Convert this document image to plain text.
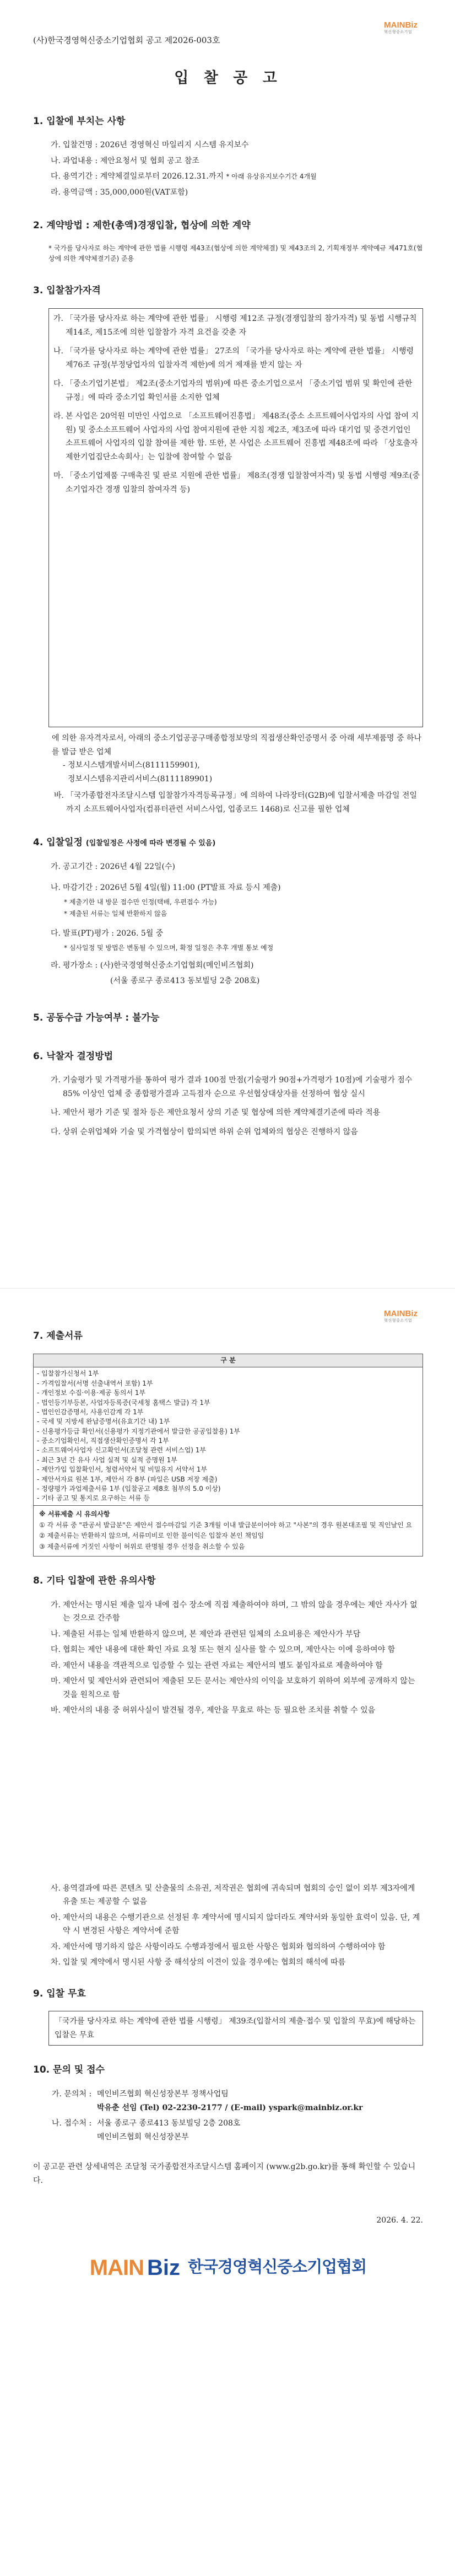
(사)한국경영혁신중소기업협회 공고 제2026-003호
MAINBiz
혁신형중소기업
입 찰 공 고
1. 입찰에 부치는 사항
가. 입찰건명 : 2026년 경영혁신 마일리지 시스템 유지보수
나. 과업내용 : 제안요청서 및 협회 공고 참조
다. 용역기간 : 계약체결일로부터 2026.12.31.까지 * 아래 유상유지보수기간 4개월
라. 용역금액 : 35,000,000원(VAT포함)
2. 계약방법 : 제한(총액)경쟁입찰, 협상에 의한 계약
* 국가를 당사자로 하는 계약에 관한 법률 시행령 제43조(협상에 의한 계약체결) 및 제43조의 2, 기획재정부 계약예규 제471호(협상에 의한 계약체결기준) 준용
3. 입찰참가자격
가. 「국가를 당사자로 하는 계약에 관한 법률」 시행령 제12조 규정(경쟁입찰의 참가자격) 및 동법 시행규칙 제14조, 제15조에 의한 입찰참가 자격 요건을 갖춘 자
나. 「국가를 당사자로 하는 계약에 관한 법률」 27조의 「국가를 당사자로 하는 계약에 관한 법률」 시행령 제76조 규정(부정당업자의 입찰자격 제한)에 의거 제재를 받지 않는 자
다. 「중소기업기본법」 제2조(중소기업자의 범위)에 따른 중소기업으로서 「중소기업 범위 및 확인에 관한 규정」에 따라 중소기업 확인서를 소지한 업체
라. 본 사업은 20억원 미만인 사업으로 「소프트웨어진흥법」 제48조(중소 소프트웨어사업자의 사업 참여 지원) 및 중소소프트웨어 사업자의 사업 참여지원에 관한 지침 제2조, 제3조에 따라 대기업 및 중견기업인 소프트웨어 사업자의 입찰 참여를 제한 함. 또한, 본 사업은 소프트웨어 진흥법 제48조에 따라 「상호출자제한기업집단소속회사」는 입찰에 참여할 수 없음
마. 「중소기업제품 구매촉진 및 판로 지원에 관한 법률」 제8조(경쟁 입찰참여자격) 및 동법 시행령 제9조(중소기업자간 경쟁 입찰의 참여자격 등)
에 의한 유자격자로서, 아래의 중소기업공공구매종합정보망의 직접생산확인증명서 중 아래 세부제품명 중 하나를 발급 받은 업체
- 정보시스템개발서비스(8111159901),
정보시스템유지관리서비스(8111189901)
바. 「국가종합전자조달시스템 입찰참가자격등록규정」에 의하여 나라장터(G2B)에 입찰서제출 마감일 전일까지 소프트웨어사업자(컴퓨터관련 서비스사업, 업종코드 1468)로 신고를 필한 업체
4. 입찰일정 (입찰일정은 사정에 따라 변경될 수 있음)
가. 공고기간 : 2026년 4월 22일(수)
나. 마감기간 : 2026년 5월 4일(월) 11:00 (PT발표 자료 등시 제출)
* 제출기한 내 방문 접수만 인정(택배, 우편접수 가능)
* 제출된 서류는 일체 반환하지 않음
다. 발표(PT)평가 : 2026. 5월 중
* 심사일정 및 방법은 변동될 수 있으며, 확정 일정은 추후 개별 통보 예정
라. 평가장소 : (사)한국경영혁신중소기업협회(메인비즈협회)
(서울 종로구 종로413 동보빌딩 2층 208호)
5. 공동수급 가능여부 : 불가능
6. 낙찰자 결정방법
가. 기술평가 및 가격평가를 통하여 평가 결과 100점 만점(기술평가 90점+가격평가 10점)에 기술평가 점수 85% 이상인 업체 중 종합평가결과 고득점자 순으로 우선협상대상자를 선정하여 협상 실시
나. 제안서 평가 기준 및 절차 등은 제안요청서 상의 기준 및 협상에 의한 계약체결기준에 따라 적용
다. 상위 순위업체와 기술 및 가격협상이 합의되면 하위 순위 업체와의 협상은 진행하지 않음
MAINBiz
혁신형중소기업
7. 제출서류
구 분

- 입찰참가신청서 1부
- 가격입찰서(서명 선출내역서 포함) 1부
- 개인정보 수집·이용·제공 동의서 1부
- 법인등기부등본, 사업자등록증(국세청 홈택스 발급) 각 1부
- 법인인감증명서, 사용인감계 각 1부
- 국세 및 지방세 완납증명서(유효기간 내) 1부
- 신용평가등급 확인서(신용평가 지정기관에서 발급한 공공입찰용) 1부
- 중소기업확인서, 직접생산확인증명서 각 1부
- 소프트웨어사업자 신고확인서(조달청 관련 서비스업) 1부
- 최근 3년 간 유사 사업 실적 및 실적 증명원 1부
- 제안가입 입찰확인서, 청렴서약서 및 비밀유지 서약서 1부
- 제안서자료 원본 1부, 제안서 각 8부 (파일은 USB 저장 제출)
- 정량평가 과업제출서류 1부 (입찰공고 제8호 첨부의 5.0 이상)
- 기타 공고 및 통지로 요구하는 서류 등
※ 서류제출 시 유의사항
① 각 서류 중 "관공서 발급분"은 제안서 접수마감일 기준 3개월 이내 발급분이어야 하고 "사본"의 경우 원본대조필 및 직인날인 요
② 제출서류는 반환하지 않으며, 서류미비로 인한 불이익은 입찰자 본인 책임임
③ 제출서류에 거짓인 사항이 허위로 판명될 경우 선정을 취소할 수 있음
8. 기타 입찰에 관한 유의사항
가. 제안서는 명시된 제출 일자 내에 접수 장소에 직접 제출하여야 하며, 그 밖의 않을 경우에는 제안 자사가 없는 것으로 간주함
나. 제출된 서류는 일체 반환하지 않으며, 본 제안과 관련된 일체의 소요비용은 제안사가 부담
다. 협회는 제안 내용에 대한 확인 자료 요청 또는 현지 실사를 할 수 있으며, 제안사는 이에 응하여야 함
라. 제안서 내용을 객관적으로 입증할 수 있는 관련 자료는 제안서의 별도 붙임자료로 제출하여야 함
마. 제안서 및 제안서와 관련되어 제출된 모든 문서는 제안사의 이익을 보호하기 위하여 외부에 공개하지 않는 것을 원칙으로 함
바. 제안서의 내용 중 허위사실이 발견될 경우, 제안을 무효로 하는 등 필요한 조치를 취할 수 있음
사. 용역결과에 따른 콘텐츠 및 산출물의 소유권, 저작권은 협회에 귀속되며 협회의 승인 없이 외부 제3자에게 유출 또는 제공할 수 없음
아. 제안서의 내용은 수행기관으로 선정된 후 계약서에 명시되지 않더라도 계약서와 동일한 효력이 있음. 단, 계약 시 변경된 사항은 계약서에 준함
자. 제안서에 명기하지 않은 사항이라도 수행과정에서 필요한 사항은 협회와 협의하여 수행하여야 함
차. 입찰 및 계약에서 명시된 사항 중 해석상의 이견이 있을 경우에는 협회의 해석에 따름
9. 입찰 무효
「국가를 당사자로 하는 계약에 관한 법률 시행령」 제39조(입찰서의 제출·접수 및 입찰의 무효)에 해당하는 입찰은 무효
10. 문의 및 접수
가. 문의처 : 메인비즈협회 혁신성장본부 정책사업팀
박유춘 선임 (Tel) 02-2230-2177 / (E-mail) yspark@mainbiz.or.kr
나. 접수처 : 서울 종로구 종로413 동보빌딩 2층 208호
메인비즈협회 혁신성장본부
이 공고문 관련 상세내역은 조달청 국가종합전자조달시스템 홈페이지 (www.g2b.go.kr)를 통해 확인할 수 있습니다.
2026. 4. 22.
MAIN Biz 한국경영혁신중소기업협회
